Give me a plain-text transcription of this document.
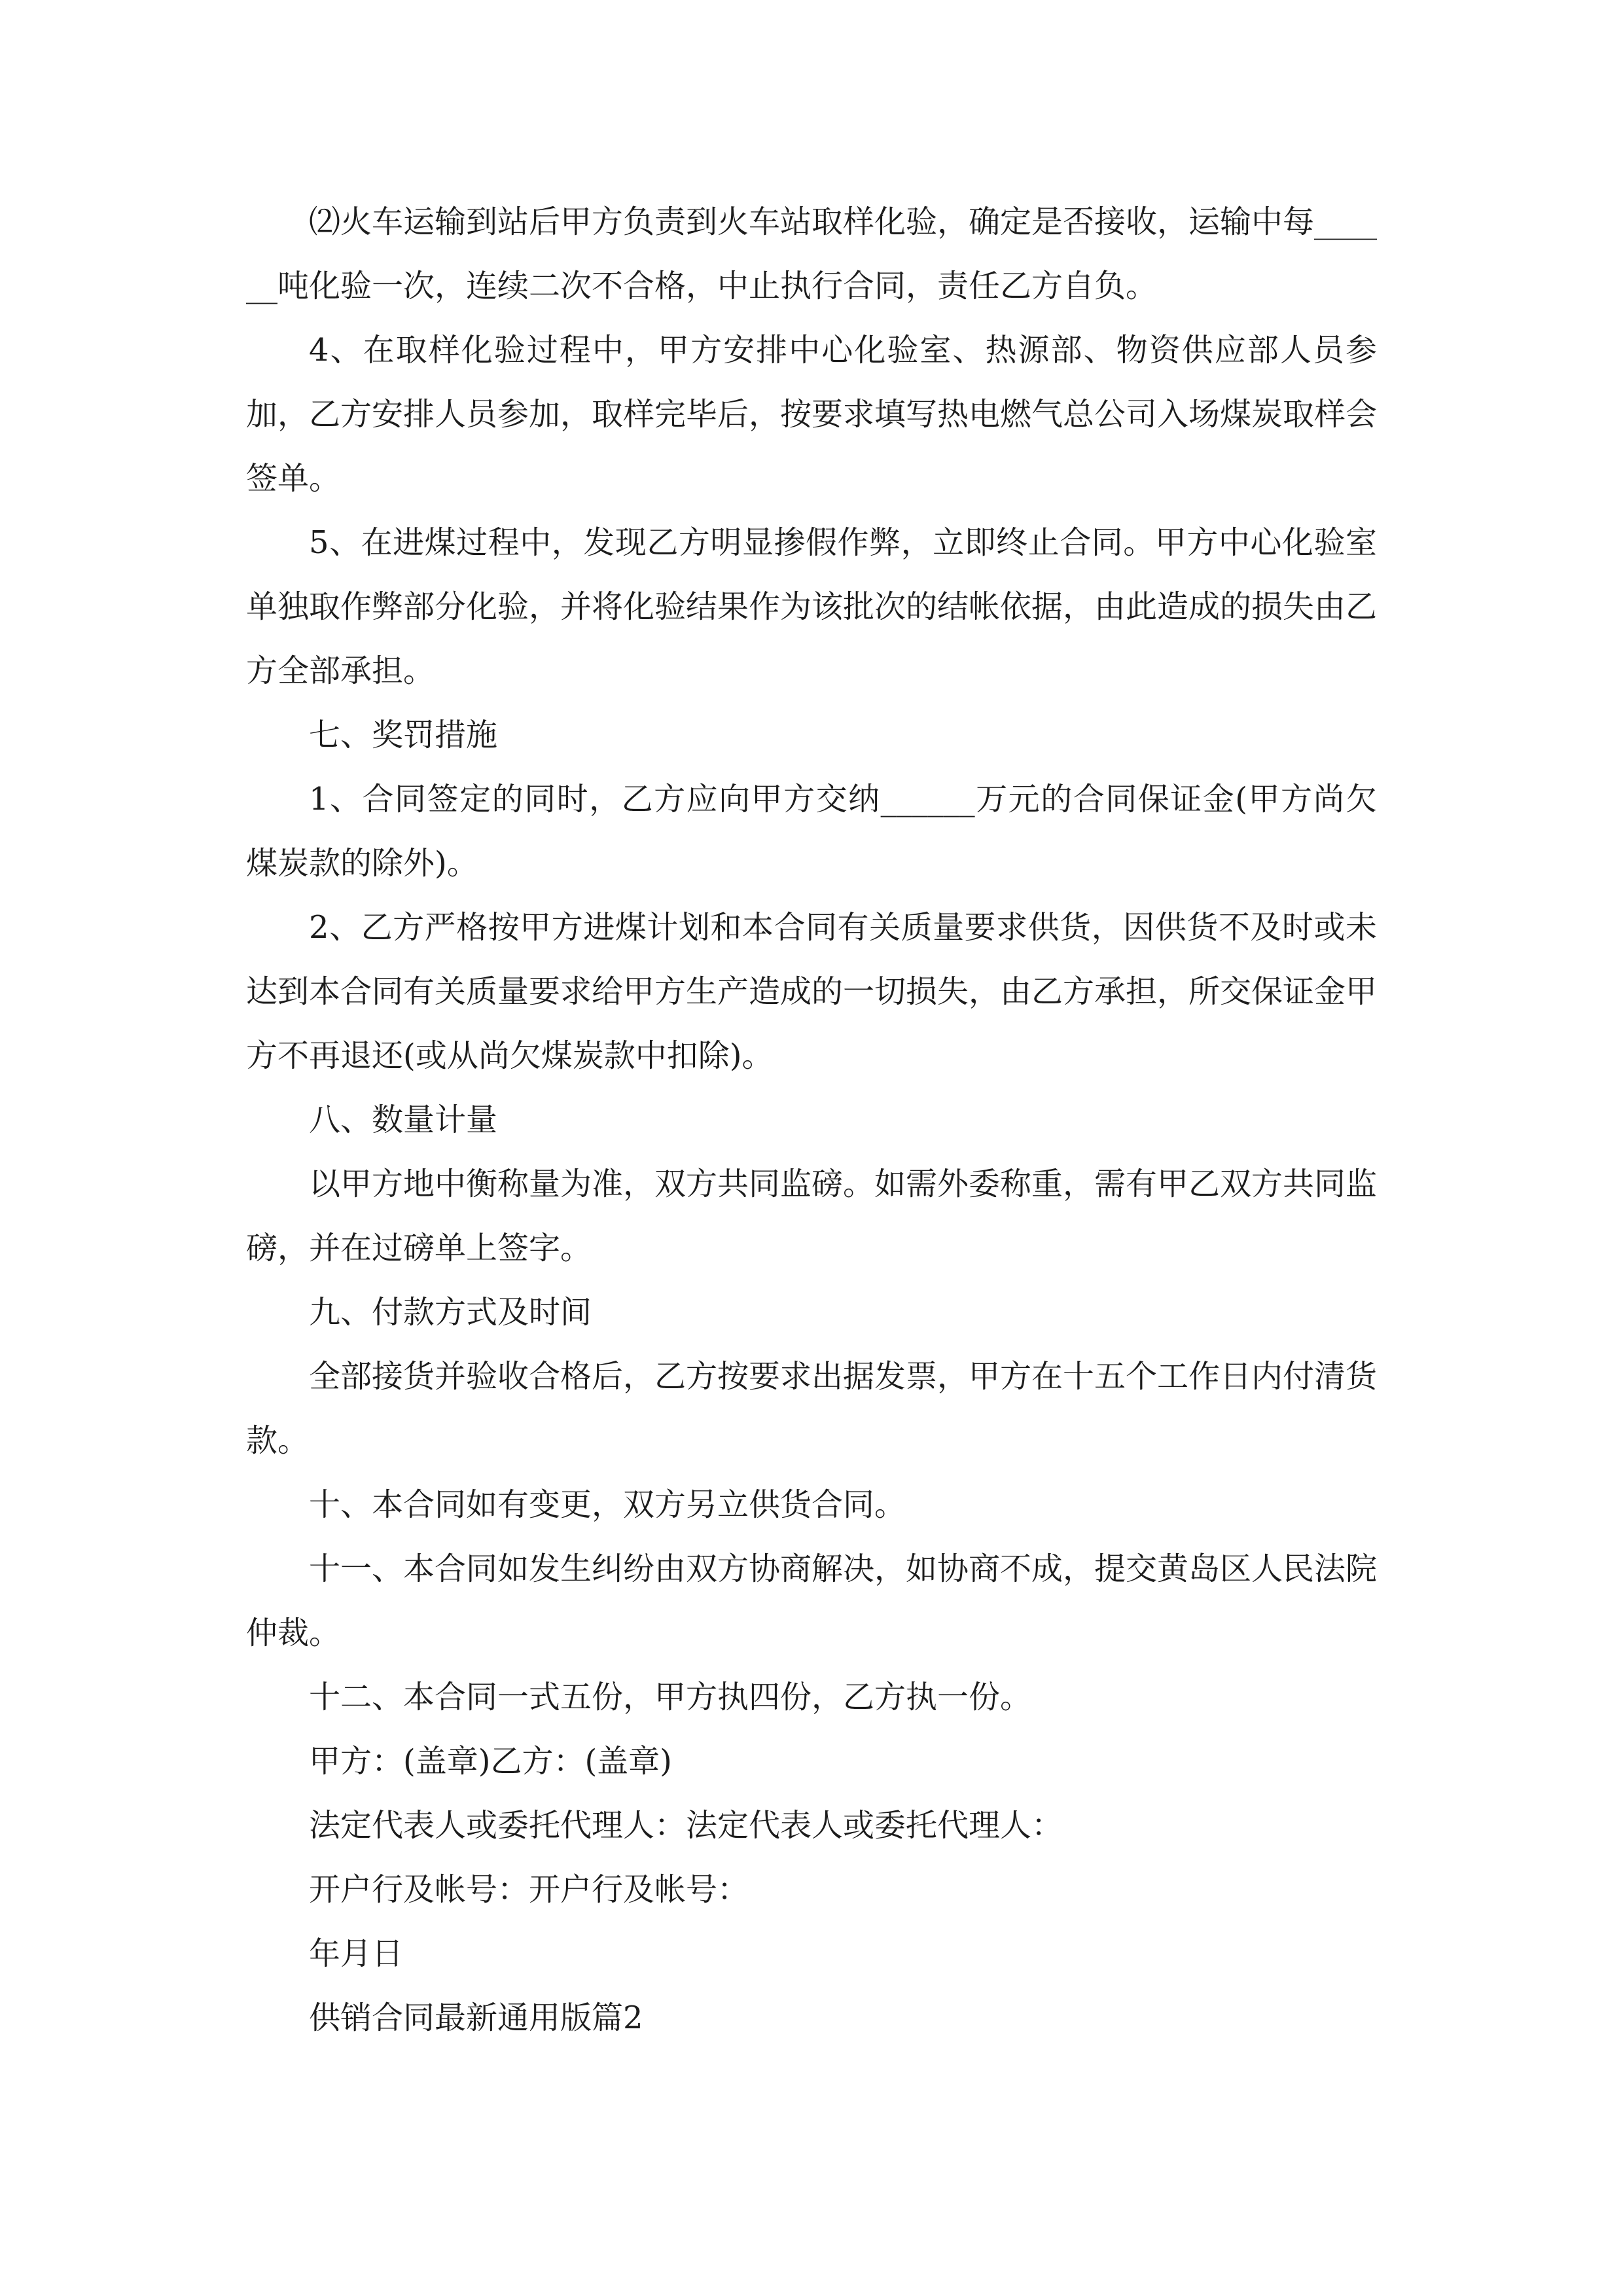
⑵火车运输到站后甲方负责到火车站取样化验，确定是否接收，运输中每______吨化验一次，连续二次不合格，中止执行合同，责任乙方自负。

4、在取样化验过程中，甲方安排中心化验室、热源部、物资供应部人员参加，乙方安排人员参加，取样完毕后，按要求填写热电燃气总公司入场煤炭取样会签单。

5、在进煤过程中，发现乙方明显掺假作弊，立即终止合同。甲方中心化验室单独取作弊部分化验，并将化验结果作为该批次的结帐依据，由此造成的损失由乙方全部承担。

七、奖罚措施

1、合同签定的同时，乙方应向甲方交纳______万元的合同保证金(甲方尚欠煤炭款的除外)。

2、乙方严格按甲方进煤计划和本合同有关质量要求供货，因供货不及时或未达到本合同有关质量要求给甲方生产造成的一切损失，由乙方承担，所交保证金甲方不再退还(或从尚欠煤炭款中扣除)。

八、数量计量

以甲方地中衡称量为准，双方共同监磅。如需外委称重，需有甲乙双方共同监磅，并在过磅单上签字。

九、付款方式及时间

全部接货并验收合格后，乙方按要求出据发票，甲方在十五个工作日内付清货款。

十、本合同如有变更，双方另立供货合同。

十一、本合同如发生纠纷由双方协商解决，如协商不成，提交黄岛区人民法院仲裁。

十二、本合同一式五份，甲方执四份，乙方执一份。

甲方：(盖章)乙方：(盖章)

法定代表人或委托代理人：法定代表人或委托代理人：

开户行及帐号：开户行及帐号：

年月日

供销合同最新通用版篇2
